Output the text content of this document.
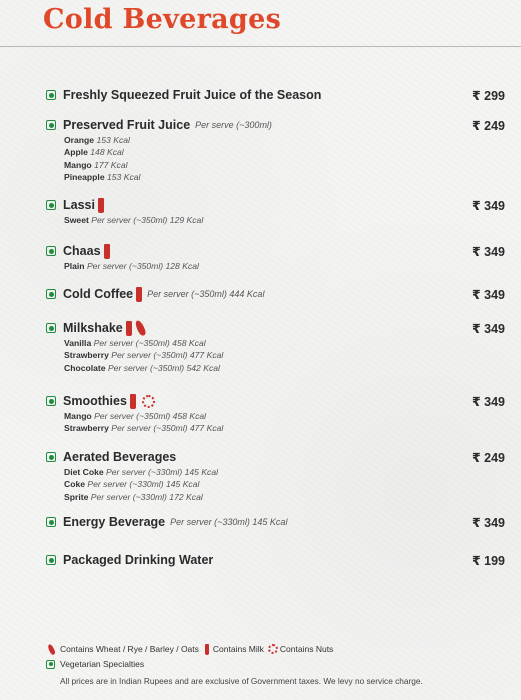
Cold Beverages
Freshly Squeezed Fruit Juice of the Season	₹ 299
Preserved Fruit Juice Per serve (~300ml)	₹ 249
Orange 153 Kcal
Apple 148 Kcal
Mango 177 Kcal
Pineapple 153 Kcal
Lassi	₹ 349
Sweet Per server (~350ml) 129 Kcal
Chaas	₹ 349
Plain Per server (~350ml) 128 Kcal
Cold Coffee Per server (~350ml) 444 Kcal	₹ 349
Milkshake	₹ 349
Vanilla Per server (~350ml) 458 Kcal
Strawberry Per server (~350ml) 477 Kcal
Chocolate Per server (~350ml) 542 Kcal
Smoothies	₹ 349
Mango Per server (~350ml) 458 Kcal
Strawberry Per server (~350ml) 477 Kcal
Aerated Beverages	₹ 249
Diet Coke Per server (~330ml) 145 Kcal
Coke Per server (~330ml) 145 Kcal
Sprite Per server (~330ml) 172 Kcal
Energy Beverage Per server (~330ml) 145 Kcal	₹ 349
Packaged Drinking Water	₹ 199
Contains Wheat / Rye / Barley / Oats Contains Milk Contains Nuts
Vegetarian Specialties
All prices are in Indian Rupees and are exclusive of Government taxes. We levy no service charge.
